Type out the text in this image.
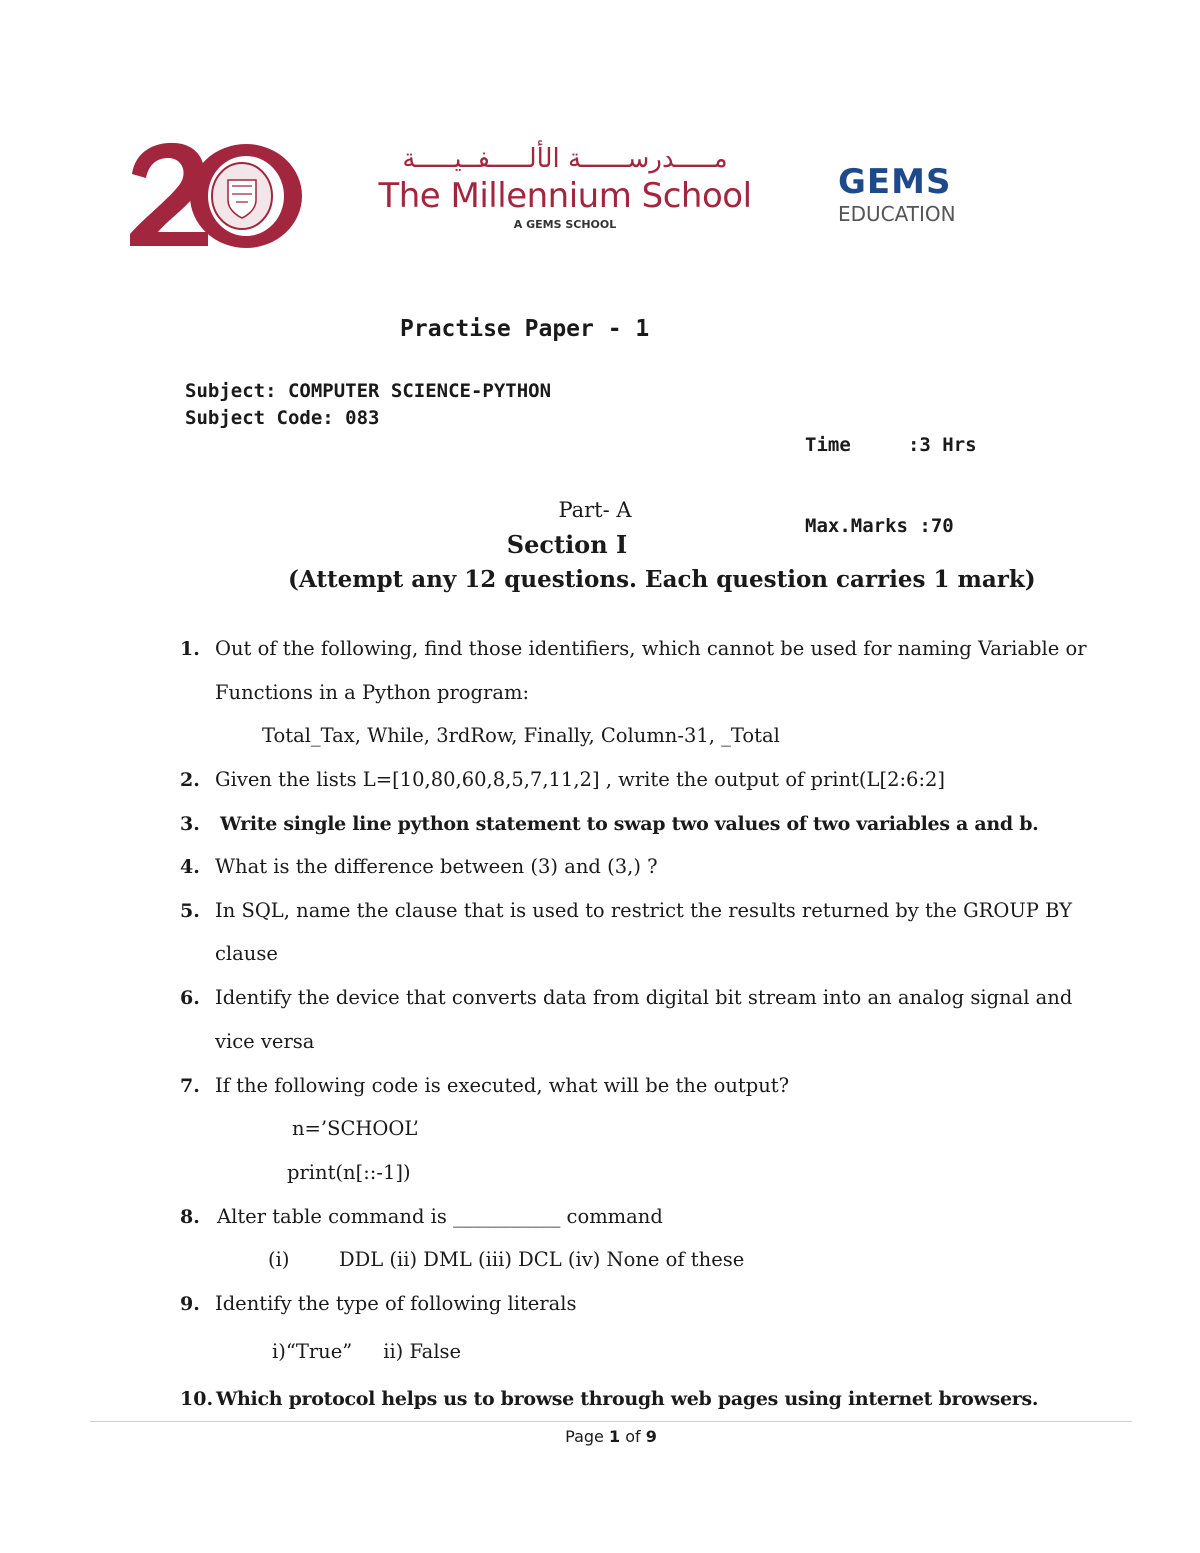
مـــــدرســــــة الألـــــفــيـــــة
The Millennium School
A GEMS SCHOOL
GEMS
EDUCATION
Practise Paper - 1
Subject: COMPUTER SCIENCE-PYTHON
Subject Code: 083

Time     :3 Hrs

Max.Marks :70

Part- A
Section I
(Attempt any 12 questions. Each question carries 1 mark)
1. Out of the following, find those identifiers, which cannot be used for naming Variable or
Functions in a Python program:
Total_Tax, While, 3rdRow, Finally, Column-31, _Total
2. Given the lists L=[10,80,60,8,5,7,11,2] , write the output of print(L[2:6:2]
3. Write single line python statement to swap two values of two variables a and b.
4. What is the difference between (3) and (3,) ?
5. In SQL, name the clause that is used to restrict the results returned by the GROUP BY
clause
6. Identify the device that converts data from digital bit stream into an analog signal and
vice versa
7. If the following code is executed, what will be the output?
n=’SCHOOL’
print(n[::-1])
8. Alter table command is ___________ command
(i)	DDL (ii) DML (iii) DCL (iv) None of these
9. Identify the type of following literals
i)“True”     ii) False
10. Which protocol helps us to browse through web pages using internet browsers.
Page 1 of 9
